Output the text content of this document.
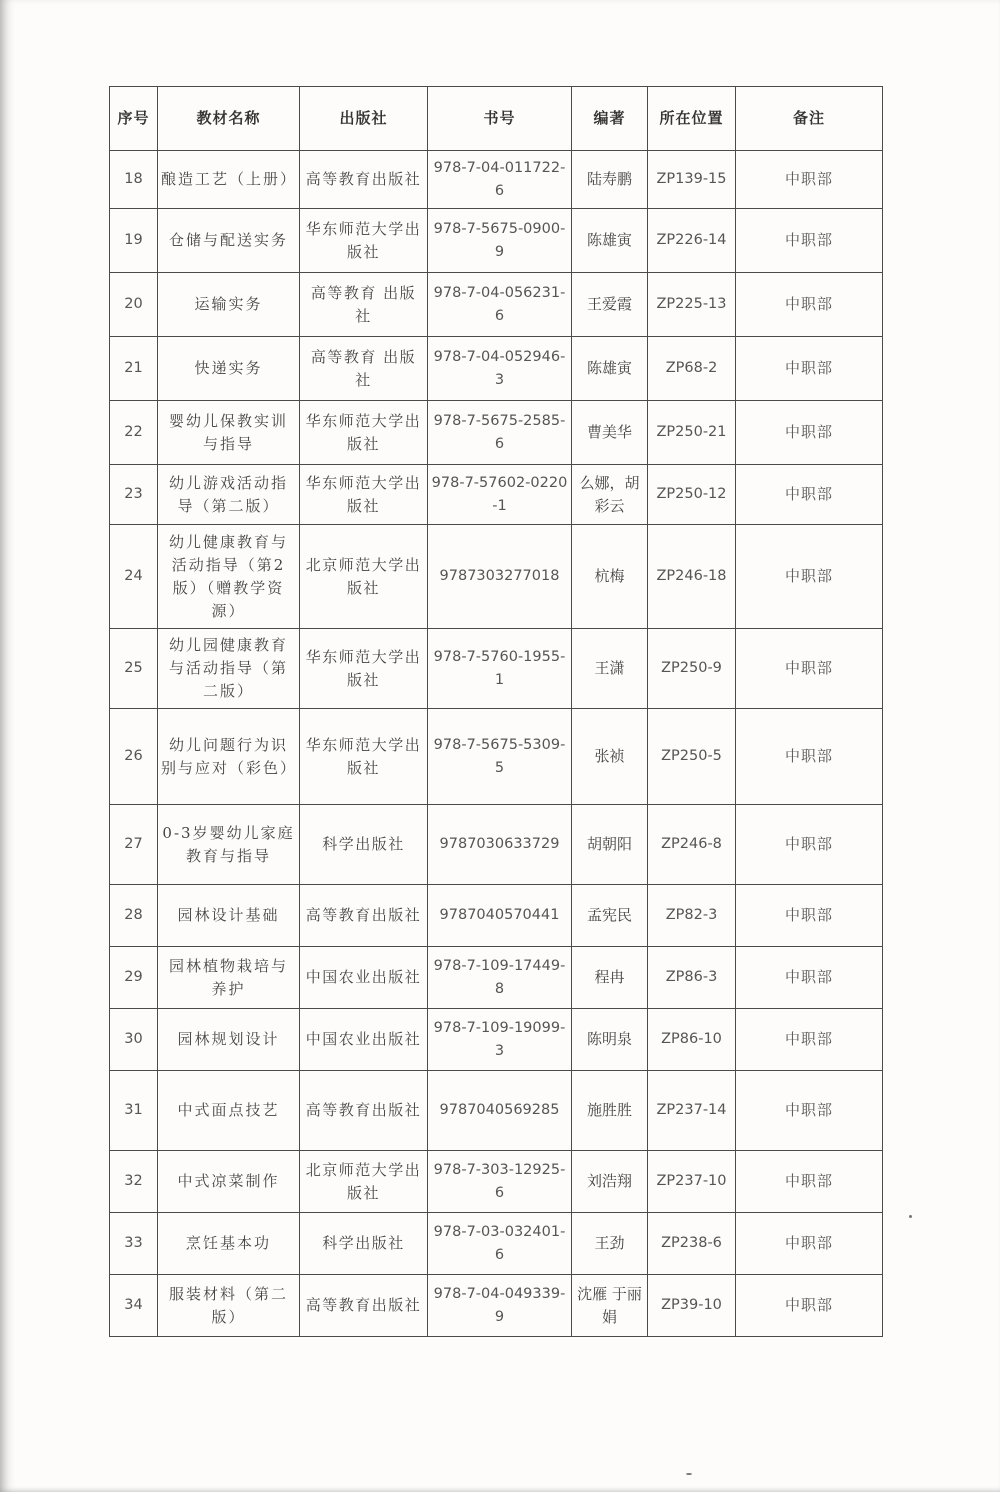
序号	教材名称	出版社	书号	编著	所在位置	备注
18	酿造工艺（上册）	高等教育出版社	978-7-04-011722-6	陆寿鹏	ZP139-15	中职部
19	仓储与配送实务	华东师范大学出版社	978-7-5675-0900-9	陈雄寅	ZP226-14	中职部
20	运输实务	高等教育 出版社	978-7-04-056231-6	王爱霞	ZP225-13	中职部
21	快递实务	高等教育 出版社	978-7-04-052946-3	陈雄寅	ZP68-2	中职部
22	婴幼儿保教实训与指导	华东师范大学出版社	978-7-5675-2585-6	曹美华	ZP250-21	中职部
23	幼儿游戏活动指导（第二版）	华东师范大学出版社	978-7-57602-0220-1	么娜，胡彩云	ZP250-12	中职部
24	幼儿健康教育与活动指导（第2版）（赠教学资源）	北京师范大学出版社	9787303277018	杭梅	ZP246-18	中职部
25	幼儿园健康教育与活动指导（第二版）	华东师范大学出版社	978-7-5760-1955-1	王潇	ZP250-9	中职部
26	幼儿问题行为识别与应对（彩色）	华东师范大学出版社	978-7-5675-5309-5	张祯	ZP250-5	中职部
27	0-3岁婴幼儿家庭教育与指导	科学出版社	9787030633729	胡朝阳	ZP246-8	中职部
28	园林设计基础	高等教育出版社	9787040570441	孟宪民	ZP82-3	中职部
29	园林植物栽培与养护	中国农业出版社	978-7-109-17449-8	程冉	ZP86-3	中职部
30	园林规划设计	中国农业出版社	978-7-109-19099-3	陈明泉	ZP86-10	中职部
31	中式面点技艺	高等教育出版社	9787040569285	施胜胜	ZP237-14	中职部
32	中式凉菜制作	北京师范大学出版社	978-7-303-12925-6	刘浩翔	ZP237-10	中职部
33	烹饪基本功	科学出版社	978-7-03-032401-6	王劲	ZP238-6	中职部
34	服装材料（第二版）	高等教育出版社	978-7-04-049339-9	沈雁 于丽娟	ZP39-10	中职部
